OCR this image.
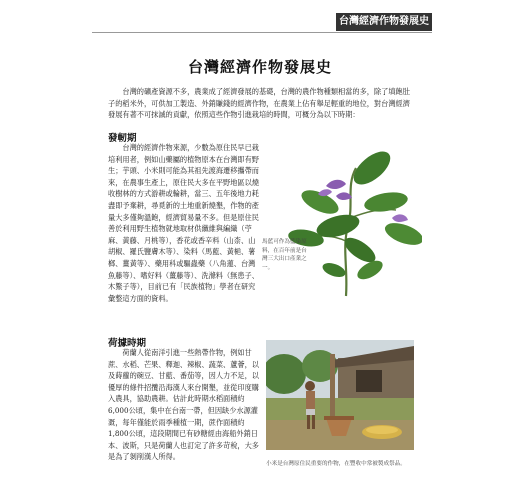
台灣經濟作物發展史 ・ 5
台灣經濟作物發展史
台灣的礦產資源不多，農業成了經濟發展的基礎，台灣的農作物種類相當的多，除了填飽肚子的稻米外，可供加工製造、外銷賺錢的經濟作物，在農業上佔有舉足輕重的地位，對台灣經濟發展有著不可抹滅的貢獻，依照這些作物引進栽培的時間，可概分為以下時期：
發軔期
台灣的經濟作物來源，少數為原住民早已栽培利用者，例如山藥屬的植物原本在台灣即有野生；芋頭、小米則可能為其祖先渡海遷移攜帶而來，在農事生產上，原住民大多在平野地區以燒收樹林的方式游耕或輪耕，當三、五年後地力耗盡即予棄耕，尋覓新的土地重新燒墾，作物的產量大多僅夠溫飽，經濟貿易量不多。但是原住民善於利用野生植物就地取材供纖維與編織（苧麻、黃藤、月桃等），香花或香辛料（山柰、山胡椒、羅氏鹽膚木等）、染料（馬藍、黃梔、薯榔、薑黃等）、藥用科或驅蟲藥（八角蓮、台灣魚藤等）、嗜好料（薑藤等）、洗滌料（無患子、木鱉子等），目前已有「民族植物」學者在研究彙整這方面的資料。
馬藍可作為藍染原料，在百年前是台灣三大出口產業之一。
荷據時期
荷蘭人從南洋引進一些熱帶作物，例如甘蔗、水稻、芒果、釋迦、辣椒、蔬菜、蘆薈，以及蒔蘿的碗豆、甘藍、番茄等，因人力不足，以優厚的條件招攬沿海漢人來台開墾，並從印度購入農具，協助農耕。估計此時期水稻面積約6,000公頃，集中在台南一帶，但因缺少水源灌溉，每年僅能於雨季種植一期，蔗作面積約1,800公頃，這段期間已有砂糖經由海船外銷日本、波斯，只是荷蘭人也訂定了許多苛稅，大多是為了剝削漢人所得。
小米是台灣原住民重要的作物，在豐收中常被製成祭品。
